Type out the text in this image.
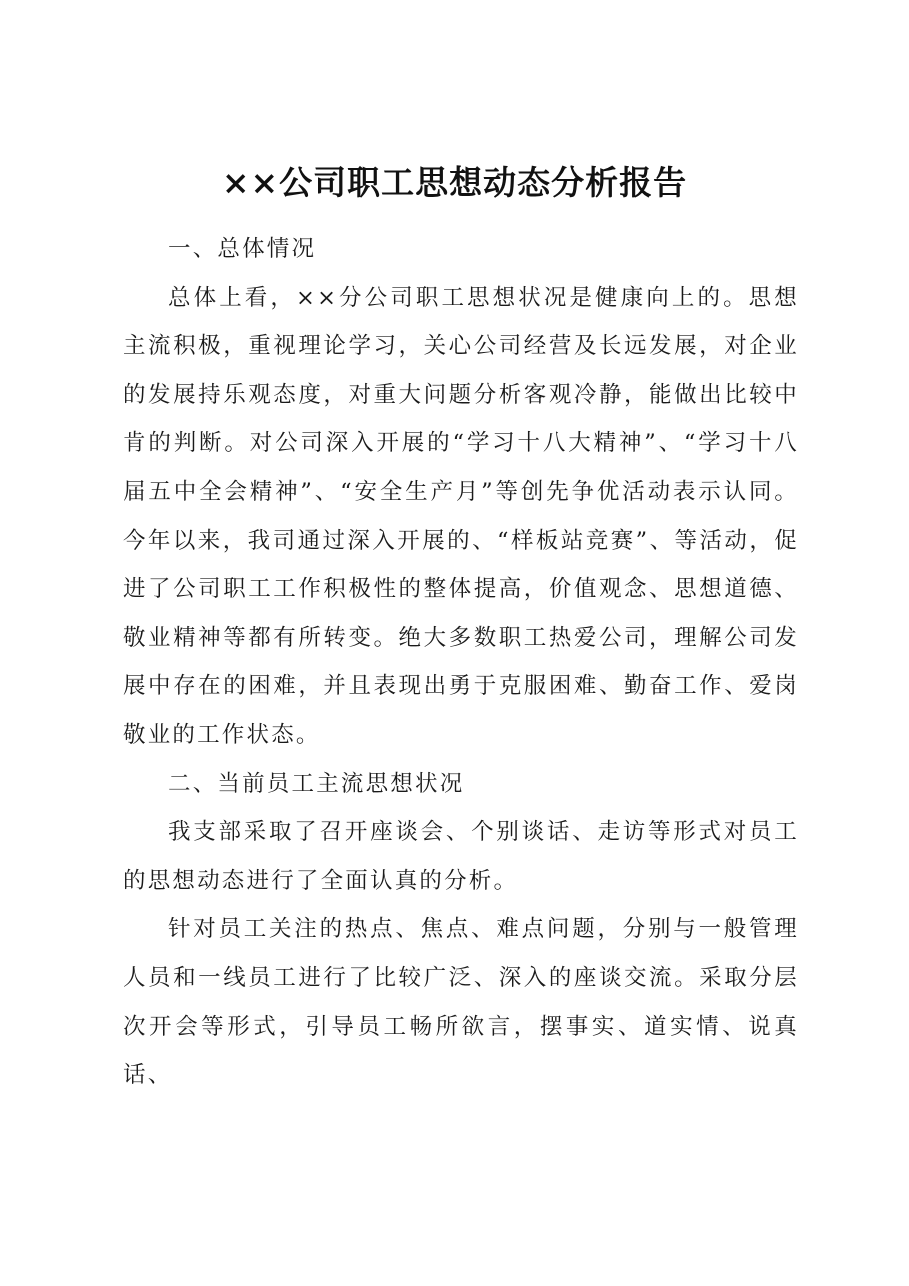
××公司职工思想动态分析报告

一、总体情况

总体上看，××分公司职工思想状况是健康向上的。思想主流积极，重视理论学习，关心公司经营及长远发展，对企业的发展持乐观态度，对重大问题分析客观冷静，能做出比较中肯的判断。对公司深入开展的“学习十八大精神”、“学习十八届五中全会精神”、“安全生产月”等创先争优活动表示认同。今年以来，我司通过深入开展的、“样板站竞赛”、等活动，促进了公司职工工作积极性的整体提高，价值观念、思想道德、敬业精神等都有所转变。绝大多数职工热爱公司，理解公司发展中存在的困难，并且表现出勇于克服困难、勤奋工作、爱岗敬业的工作状态。

二、当前员工主流思想状况

我支部采取了召开座谈会、个别谈话、走访等形式对员工的思想动态进行了全面认真的分析。

针对员工关注的热点、焦点、难点问题，分别与一般管理人员和一线员工进行了比较广泛、深入的座谈交流。采取分层次开会等形式，引导员工畅所欲言，摆事实、道实情、说真话、
